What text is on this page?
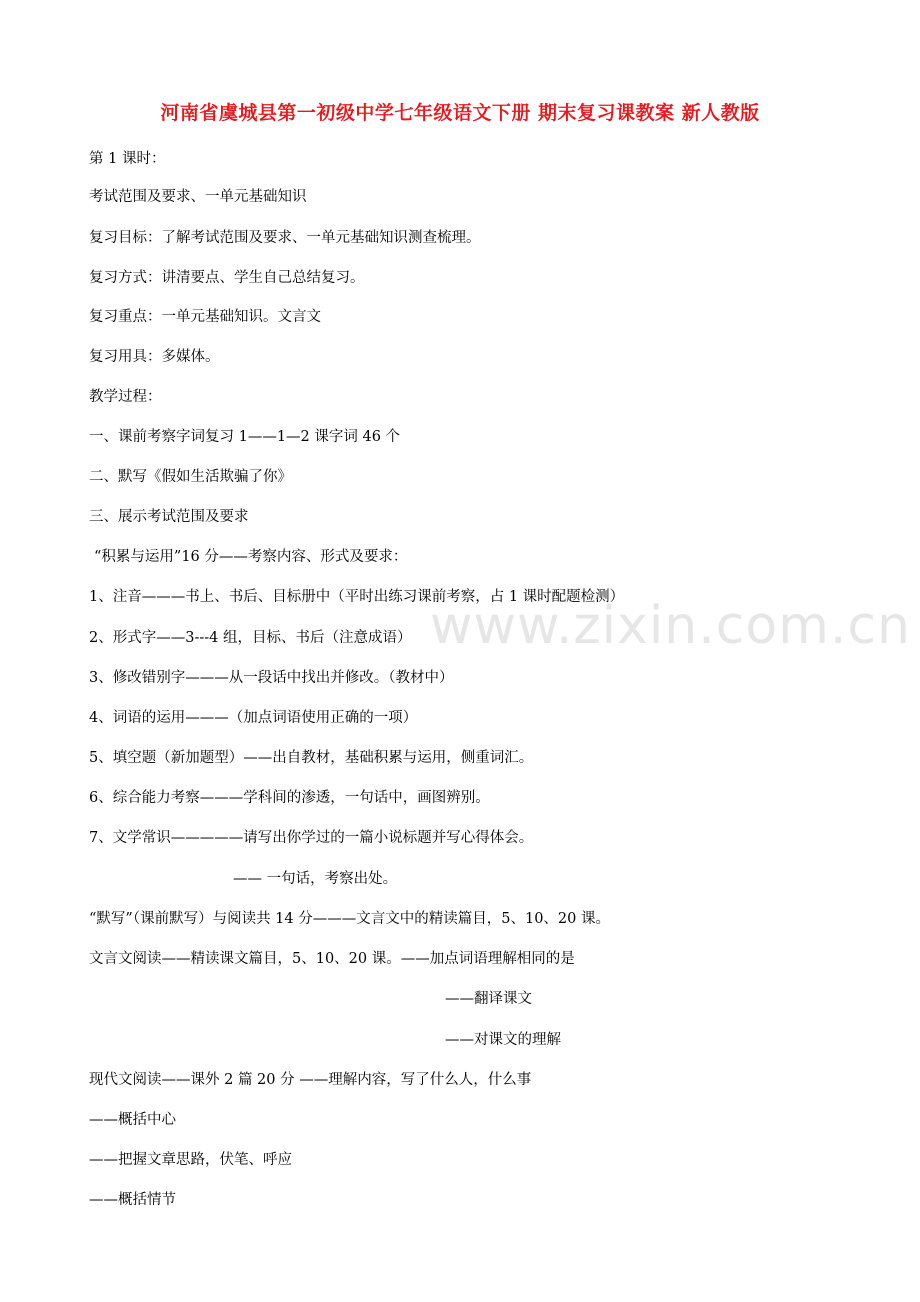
www.zixin.com.cn
河南省虞城县第一初级中学七年级语文下册 期末复习课教案 新人教版
第 1 课时：
考试范围及要求、一单元基础知识
复习目标：了解考试范围及要求、一单元基础知识测查梳理。
复习方式：讲清要点、学生自己总结复习。
复习重点：一单元基础知识。文言文
复习用具：多媒体。
教学过程：
一、课前考察字词复习 1——1—2 课字词 46 个
二、默写《假如生活欺骗了你》
三、展示考试范围及要求
“积累与运用”16 分——考察内容、形式及要求：
1、注音———书上、书后、目标册中（平时出练习课前考察，占 1 课时配题检测）
2、形式字——3---4 组，目标、书后（注意成语）
3、修改错别字———从一段话中找出并修改。（教材中）
4、词语的运用———（加点词语使用正确的一项）
5、填空题（新加题型）——出自教材，基础积累与运用，侧重词汇。
6、综合能力考察———学科间的渗透，一句话中，画图辨别。
7、文学常识—————请写出你学过的一篇小说标题并写心得体会。
—— 一句话，考察出处。
“默写”（课前默写）与阅读共 14 分———文言文中的精读篇目，5、10、20 课。
文言文阅读——精读课文篇目，5、10、20 课。——加点词语理解相同的是
——翻译课文
——对课文的理解
现代文阅读——课外 2 篇 20 分 ——理解内容，写了什么人，什么事
——概括中心
——把握文章思路，伏笔、呼应
——概括情节
